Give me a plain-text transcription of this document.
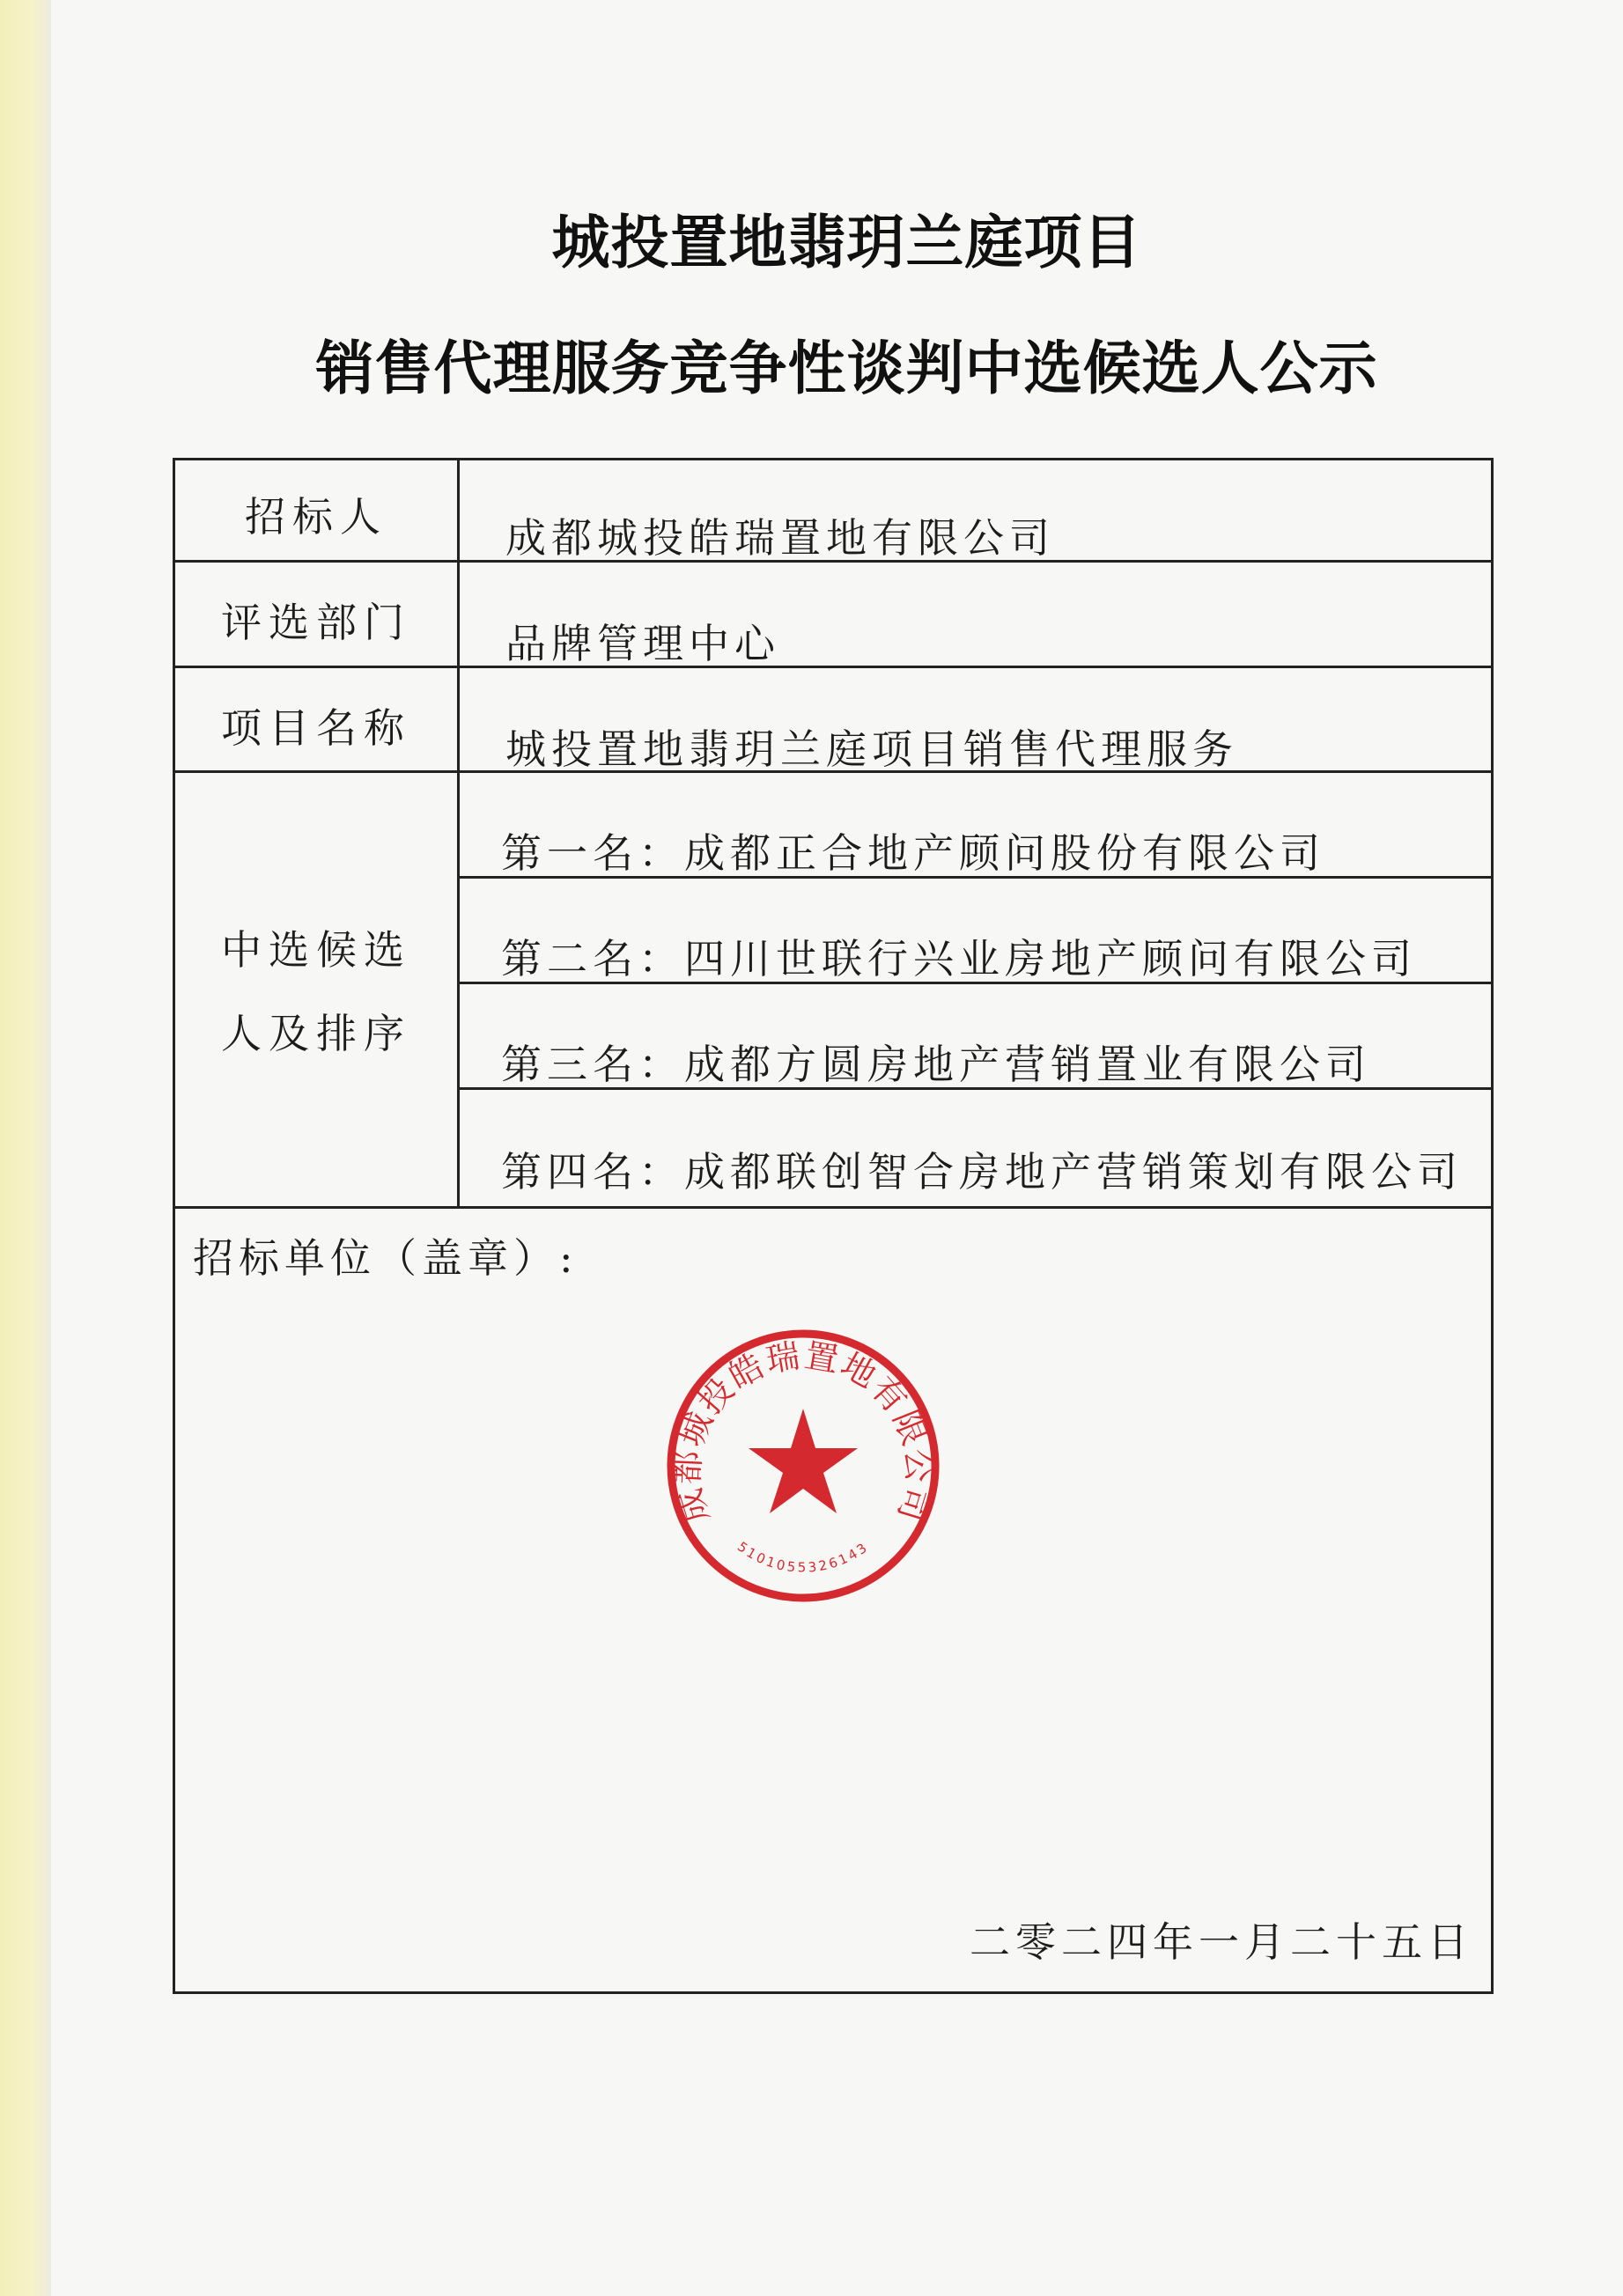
城投置地翡玥兰庭项目
销售代理服务竞争性谈判中选候选人公示
招标人
评选部门
项目名称
中选候选
人及排序
成都城投皓瑞置地有限公司
品牌管理中心
城投置地翡玥兰庭项目销售代理服务
第一名：成都正合地产顾问股份有限公司
第二名：四川世联行兴业房地产顾问有限公司
第三名：成都方圆房地产营销置业有限公司
第四名：成都联创智合房地产营销策划有限公司
招标单位（盖章）:
成都城投皓瑞置地有限公司
5101055326143
二零二四年一月二十五日
